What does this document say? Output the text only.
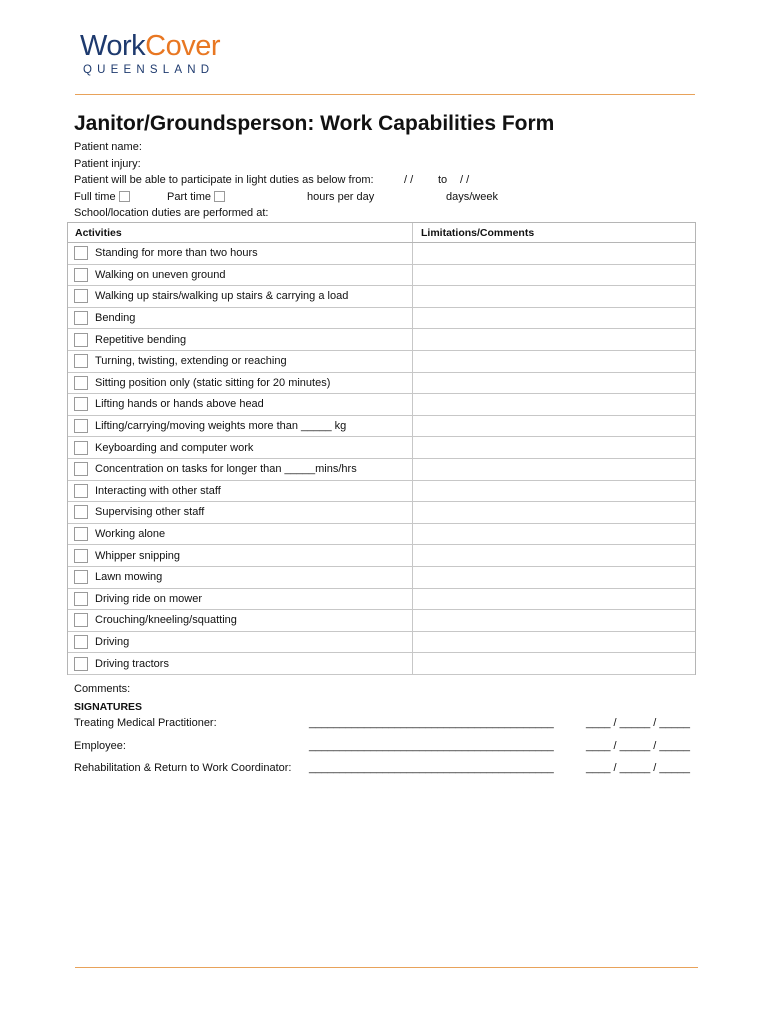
WorkCover
QUEENSLAND
Janitor/Groundsperson: Work Capabilities Form
Patient name:
Patient injury:
Patient will be able to participate in light duties as below from:	/ / to / /
Full time	Part time	hours per day	days/week
School/location duties are performed at:
Activities	Limitations/Comments
Standing for more than two hours
Walking on uneven ground
Walking up stairs/walking up stairs & carrying a load
Bending
Repetitive bending
Turning, twisting, extending or reaching
Sitting position only (static sitting for 20 minutes)
Lifting hands or hands above head
Lifting/carrying/moving weights more than _____ kg
Keyboarding and computer work
Concentration on tasks for longer than _____mins/hrs
Interacting with other staff
Supervising other staff
Working alone
Whipper snipping
Lawn mowing
Driving ride on mower
Crouching/kneeling/squatting
Driving
Driving tractors
Comments:
SIGNATURES
Treating Medical Practitioner:	________________________________________	____ / _____ / _____
Employee:	________________________________________	____ / _____ / _____
Rehabilitation & Return to Work Coordinator: ________________________________________	____ / _____ / _____
